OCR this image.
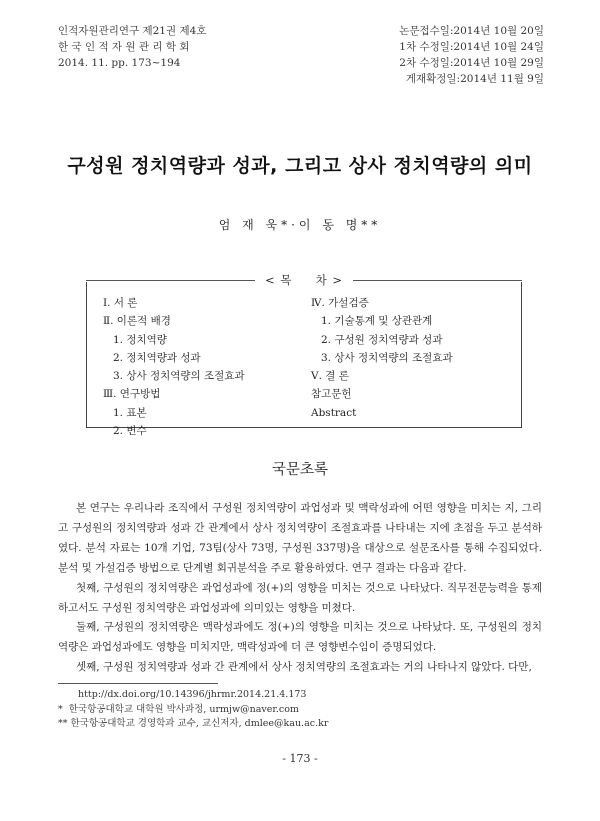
인적자원관리연구 제21권 제4호
한 국 인 적 자 원 관 리 학 회
2014. 11. pp. 173~194
논문접수일: 2014년 10월 20일
1차 수정일: 2014년 10월 24일
2차 수정일: 2014년 10월 29일
게재확정일: 2014년 11월 9일
구성원 정치역량과 성과, 그리고 상사 정치역량의 의미
엄 재 욱*·이 동 명**
< 목     차 >
Ⅰ. 서 론
Ⅱ. 이론적 배경
1. 정치역량
2. 정치역량과 성과
3. 상사 정치역량의 조절효과
Ⅲ. 연구방법
1. 표본
2. 변수
Ⅳ. 가설검증
1. 기술통계 및 상관관계
2. 구성원 정치역량과 성과
3. 상사 정치역량의 조절효과
Ⅴ. 결 론
참고문헌
Abstract
국문초록

본 연구는 우리나라 조직에서 구성원 정치역량이 과업성과 및 맥락성과에 어떤 영향을 미치는 지, 그리고 구성원의 정치역량과 성과 간 관계에서 상사 정치역량이 조절효과를 나타내는 지에 초점을 두고 분석하였다. 분석 자료는 10개 기업, 73팀(상사 73명, 구성원 337명)을 대상으로 설문조사를 통해 수집되었다. 분석 및 가설검증 방법으로 단계별 회귀분석을 주로 활용하였다. 연구 결과는 다음과 같다.

첫째, 구성원의 정치역량은 과업성과에 정(+)의 영향을 미치는 것으로 나타났다. 직무전문능력을 통제하고서도 구성원 정치역량은 과업성과에 의미있는 영향을 미쳤다.

둘째, 구성원의 정치역량은 맥락성과에도 정(+)의 영향을 미치는 것으로 나타났다. 또, 구성원의 정치역량은 과업성과에도 영향을 미치지만, 맥락성과에 더 큰 영향변수임이 증명되었다.

셋째, 구성원 정치역량과 성과 간 관계에서 상사 정치역량의 조절효과는 거의 나타나지 않았다. 다만,

http://dx.doi.org/10.14396/jhrmr.2014.21.4.173
*  한국항공대학교 대학원 박사과정, urmjw@naver.com
** 한국항공대학교 경영학과 교수, 교신저자, dmlee@kau.ac.kr
- 173 -
